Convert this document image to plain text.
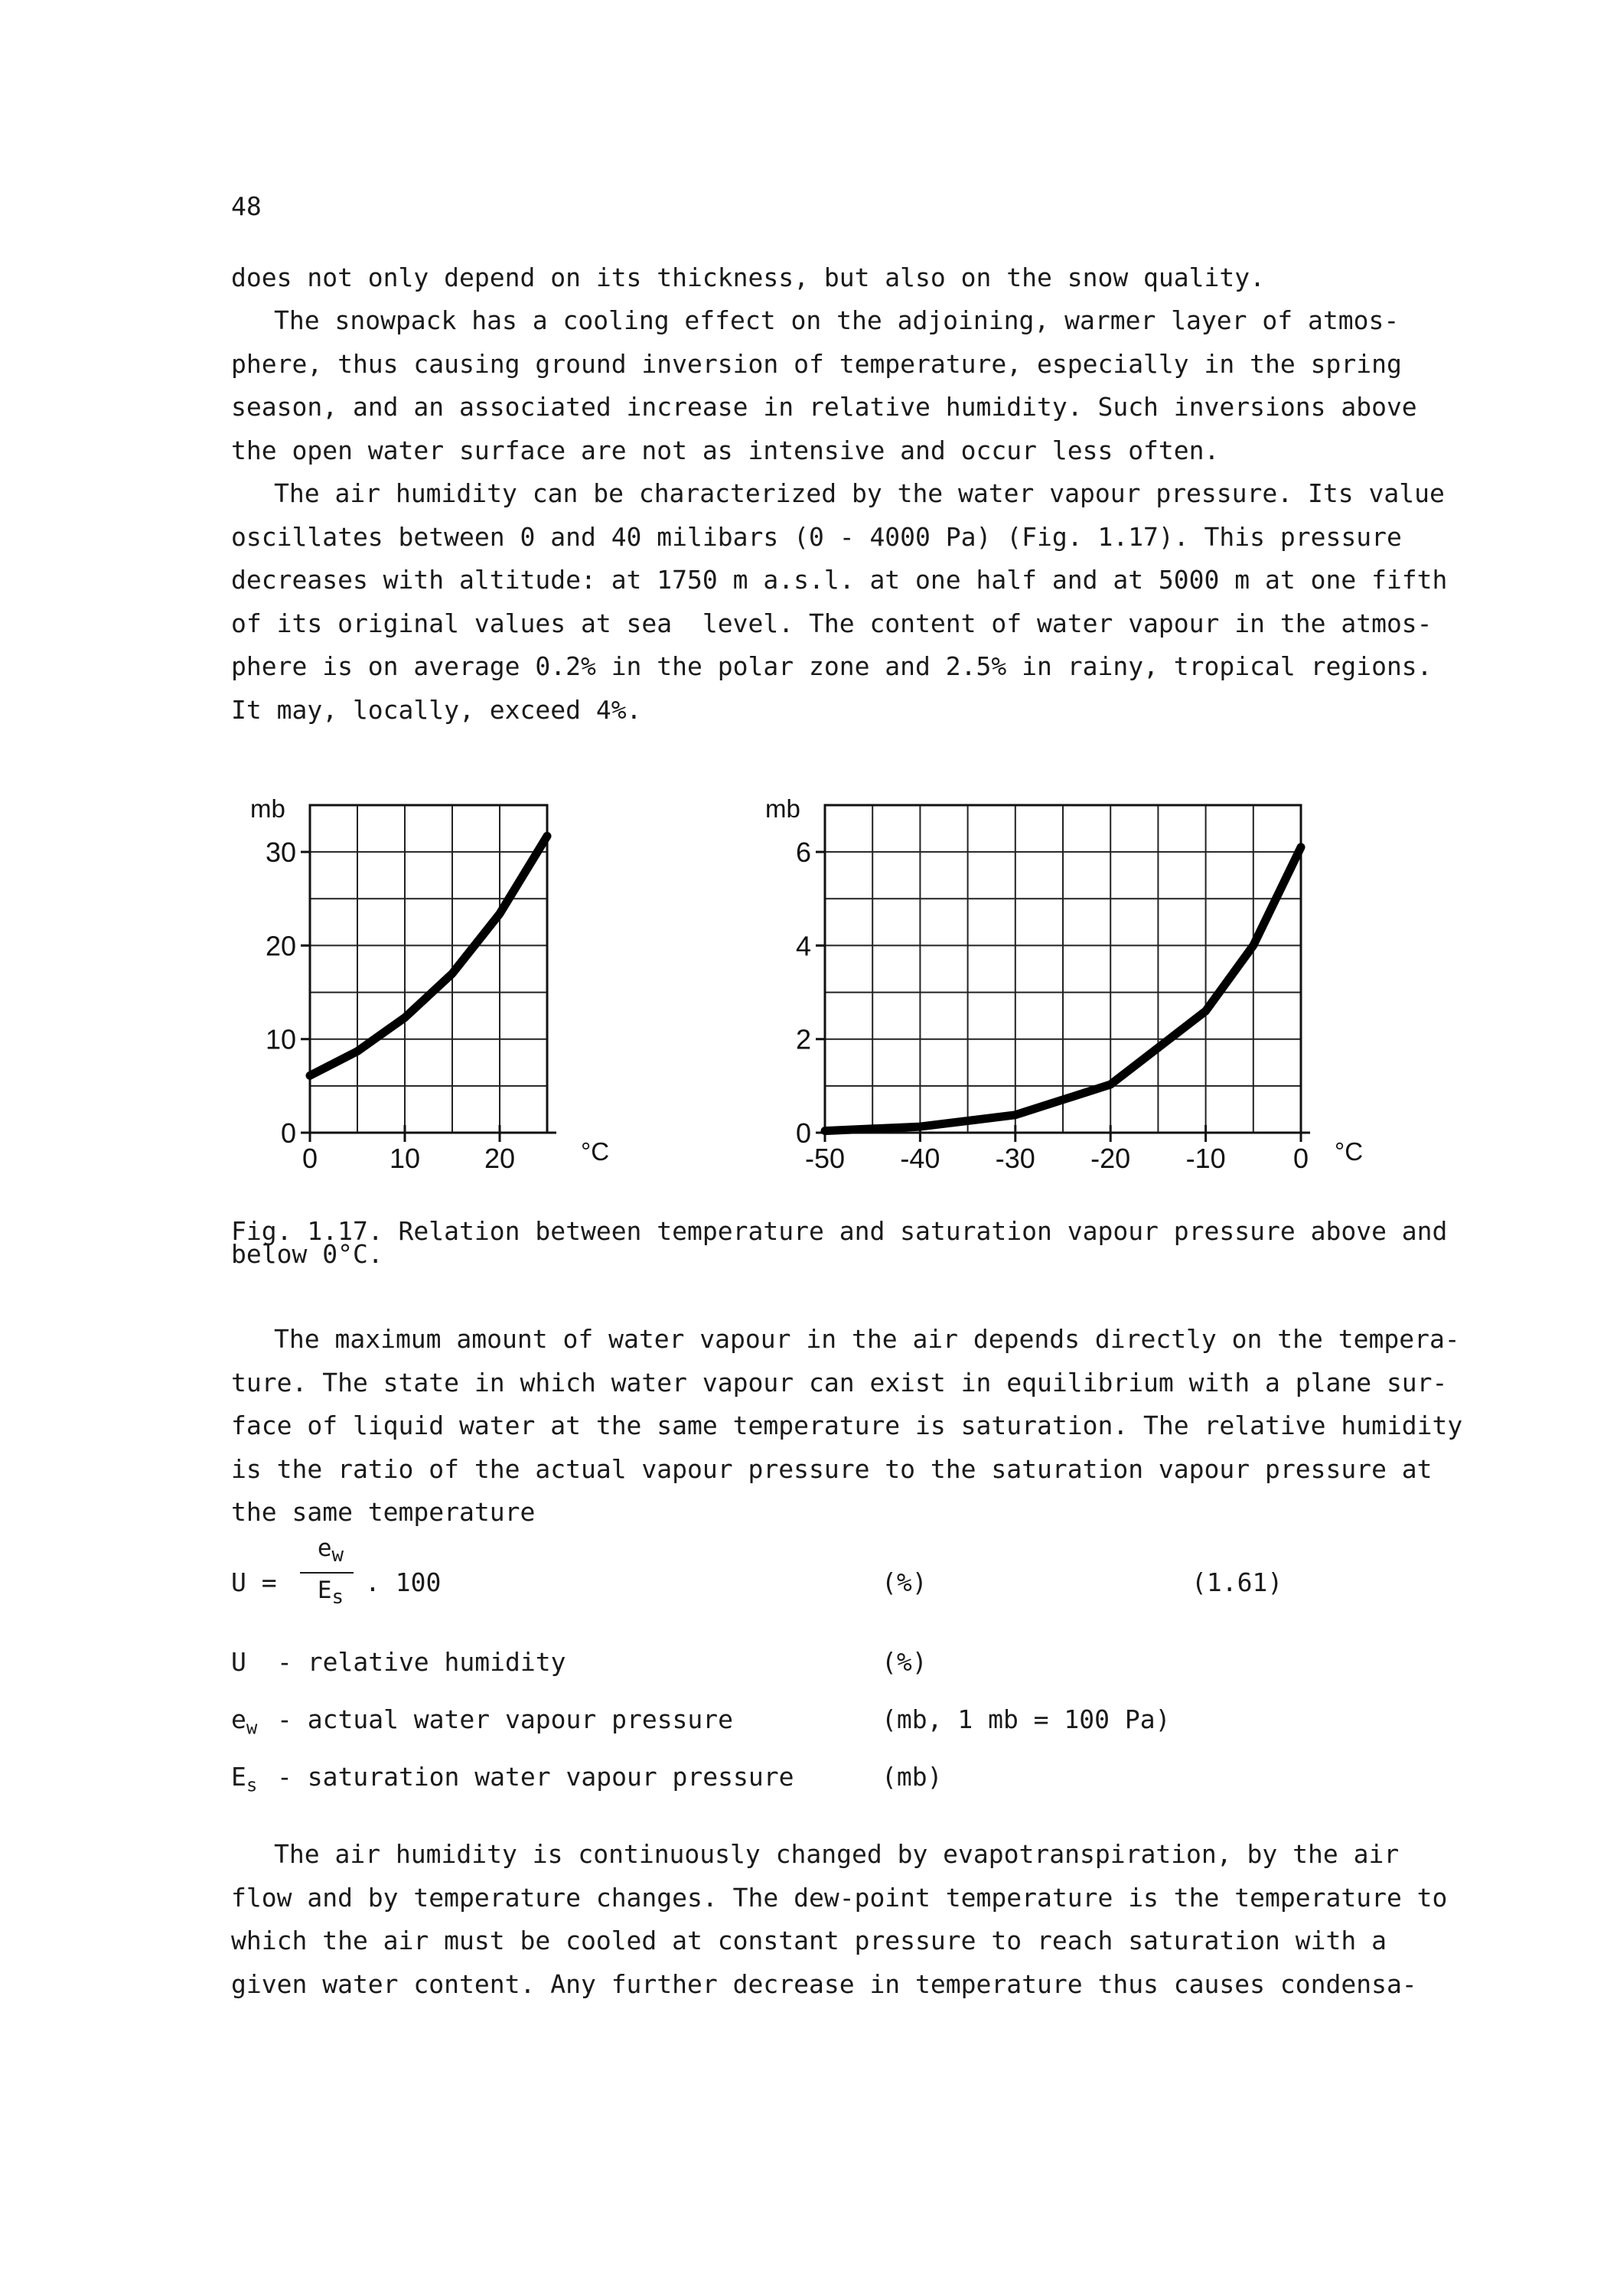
48
does not only depend on its thickness, but also on the snow quality.
The snowpack has a cooling effect on the adjoining, warmer layer of atmos-
phere, thus causing ground inversion of temperature, especially in the spring
season, and an associated increase in relative humidity. Such inversions above
the open water surface are not as intensive and occur less often.
The air humidity can be characterized by the water vapour pressure. Its value
oscillates between 0 and 40 milibars (0 - 4000 Pa) (Fig. 1.17). This pressure
decreases with altitude: at 1750 m a.s.l. at one half and at 5000 m at one fifth
of its original values at sea  level. The content of water vapour in the atmos-
phere is on average 0.2% in the polar zone and 2.5% in rainy, tropical regions.
It may, locally, exceed 4%.
0
10
20
30
0	10 20
mb
°C
0
2
4
6
-50 -40 -30 -20 -10 0
mb
°C
Fig. 1.17. Relation between temperature and saturation vapour pressure above and
below 0°C.
The maximum amount of water vapour in the air depends directly on the tempera-
ture. The state in which water vapour can exist in equilibrium with a plane sur-
face of liquid water at the same temperature is saturation. The relative humidity
is the ratio of the actual vapour pressure to the saturation vapour pressure at
the same temperature
U =
$e_w$
$E_s$
. 100	(%)	(1.61)
U - relative humidity	(%)
$e_w$ - actual water vapour pressure	(mb, 1 mb = 100 Pa)
$E_s$ - saturation water vapour pressure	(mb)
The air humidity is continuously changed by evapotranspiration, by the air
flow and by temperature changes. The dew-point temperature is the temperature to
which the air must be cooled at constant pressure to reach saturation with a
given water content. Any further decrease in temperature thus causes condensa-
